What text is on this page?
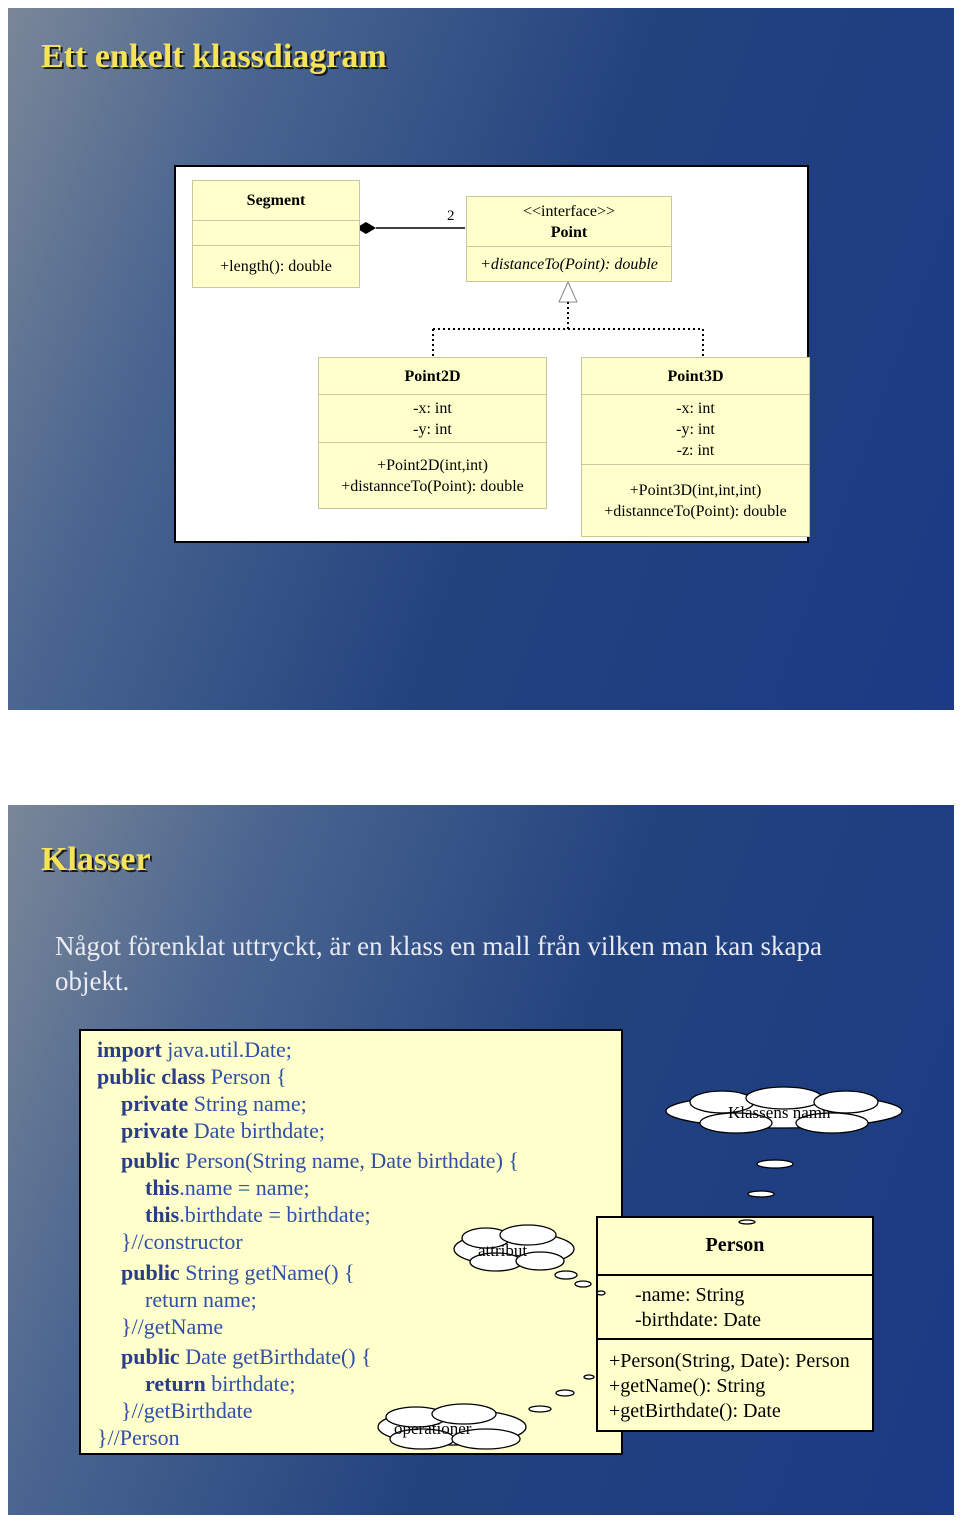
Ett enkelt klassdiagram
2
Segment
+length(): double
<<interface>>
Point
+distanceTo(Point): double
Point2D
-x: int
-y: int
+Point2D(int,int)
+distannceTo(Point): double
Point3D
-x: int
-y: int
-z: int
+Point3D(int,int,int)
+distannceTo(Point): double
Klasser
Något förenklat uttryckt, är en klass en mall från vilken man kan skapa
objekt.
import java.util.Date;
public class Person {
private String name;
private Date birthdate;
public Person(String name, Date birthdate) {
this.name = name;
this.birthdate = birthdate;
}//constructor
public String getName() {
return name;
}//getName
public Date getBirthdate() {
return birthdate;
}//getBirthdate
}//Person
Person
-name: String
-birthdate: Date
+Person(String, Date): Person
+getName(): String
+getBirthdate(): Date
Klassens namn
attribut
operationer
